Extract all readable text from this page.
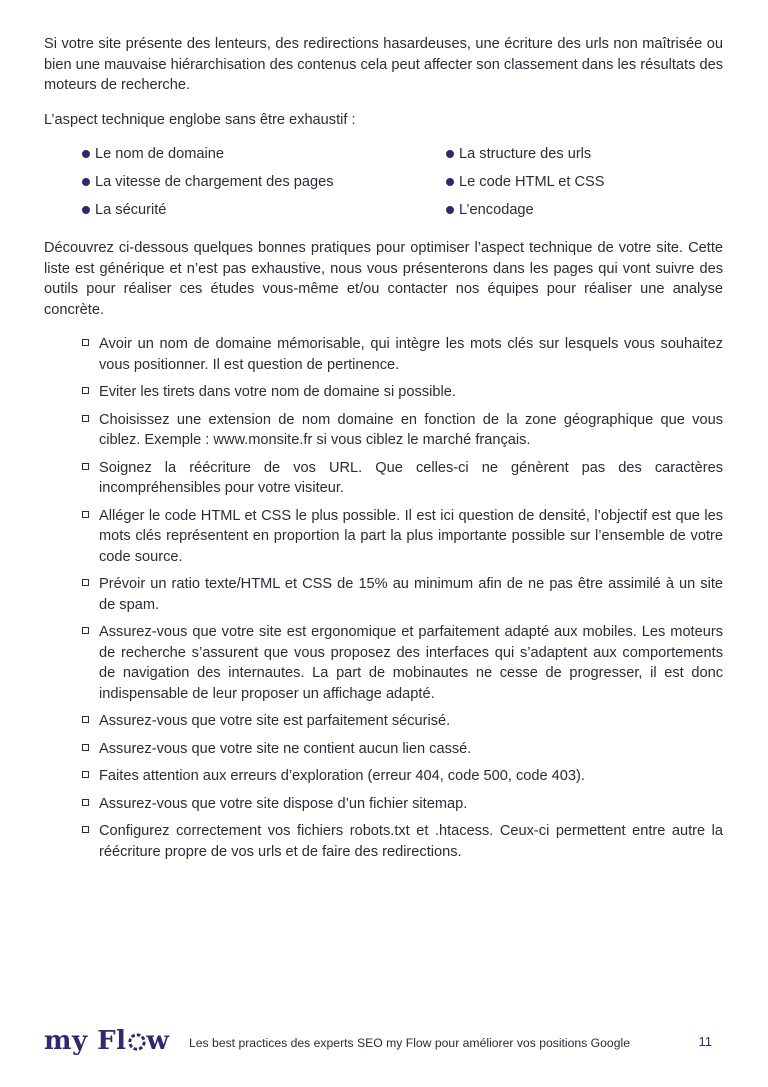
Si votre site présente des lenteurs, des redirections hasardeuses, une écriture des urls non maîtrisée ou bien une mauvaise hiérarchisation des contenus cela peut affecter son classement dans les résultats des moteurs de recherche.

L’aspect technique englobe sans être exhaustif :

Le nom de domaine	La structure des urls
La vitesse de chargement des pages	Le code HTML et CSS
La sécurité	L’encodage

Découvrez ci-dessous quelques bonnes pratiques pour optimiser l’aspect technique de votre site. Cette liste est générique et n’est pas exhaustive, nous vous présenterons dans les pages qui vont suivre des outils pour réaliser ces études vous-même et/ou contacter nos équipes pour réaliser une analyse concrète.

Avoir un nom de domaine mémorisable, qui intègre les mots clés sur lesquels vous souhaitez vous positionner. Il est question de pertinence.
Eviter les tirets dans votre nom de domaine si possible.
Choisissez une extension de nom domaine en fonction de la zone géographique que vous ciblez. Exemple : www.monsite.fr si vous ciblez le marché français.
Soignez la réécriture de vos URL. Que celles-ci ne génèrent pas des caractères incompréhensibles pour votre visiteur.
Alléger le code HTML et CSS le plus possible. Il est ici question de densité, l’objectif est que les mots clés représentent en proportion la part la plus importante possible sur l’ensemble de votre code source.
Prévoir un ratio texte/HTML et CSS de 15% au minimum afin de ne pas être assimilé à un site de spam.
Assurez-vous que votre site est ergonomique et parfaitement adapté aux mobiles. Les moteurs de recherche s’assurent que vous proposez des interfaces qui s’adaptent aux comportements de navigation des internautes. La part de mobinautes ne cesse de progresser, il est donc indispensable de leur proposer un affichage adapté.
Assurez-vous que votre site est parfaitement sécurisé.
Assurez-vous que votre site ne contient aucun lien cassé.
Faites attention aux erreurs d’exploration (erreur 404, code 500, code 403).
Assurez-vous que votre site dispose d’un fichier sitemap.
Configurez correctement vos fichiers robots.txt et .htacess. Ceux-ci permettent entre autre la réécriture propre de vos urls et de faire des redirections.
my Fl w Les best practices des experts SEO my Flow pour améliorer vos positions Google	11
